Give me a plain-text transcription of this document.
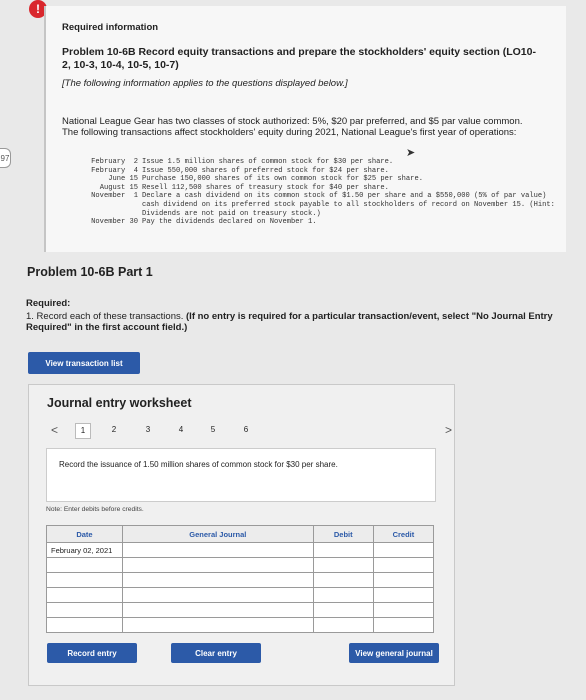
97
!
Required information
Problem 10-6B Record equity transactions and prepare the stockholders' equity section (LO10-2, 10-3, 10-4, 10-5, 10-7)
[The following information applies to the questions displayed below.]
National League Gear has two classes of stock authorized: 5%, $20 par preferred, and $5 par value common. The following transactions affect stockholders' equity during 2021, National League's first year of operations:
➤
February  2 Issue 1.5 million shares of common stock for $30 per share.
February  4 Issue 550,000 shares of preferred stock for $24 per share.
June 15 Purchase 150,000 shares of its own common stock for $25 per share.
August 15 Resell 112,500 shares of treasury stock for $40 per share.
November  1 Declare a cash dividend on its common stock of $1.50 per share and a $550,000 (5% of par value) cash dividend on its preferred stock payable to all stockholders of record on November 15. (Hint: Dividends are not paid on treasury stock.)
November 30 Pay the dividends declared on November 1.
Problem 10-6B Part 1
Required:
1. Record each of these transactions. (If no entry is required for a particular transaction/event, select "No Journal Entry Required" in the first account field.)
View transaction list
Journal entry worksheet
<	1	2	3	4	5	6	>
Record the issuance of 1.50 million shares of common stock for $30 per share.
Note: Enter debits before credits.
Date	General Journal	Debit	Credit
February 02, 2021			

Record entry	Clear entry	View general journal
